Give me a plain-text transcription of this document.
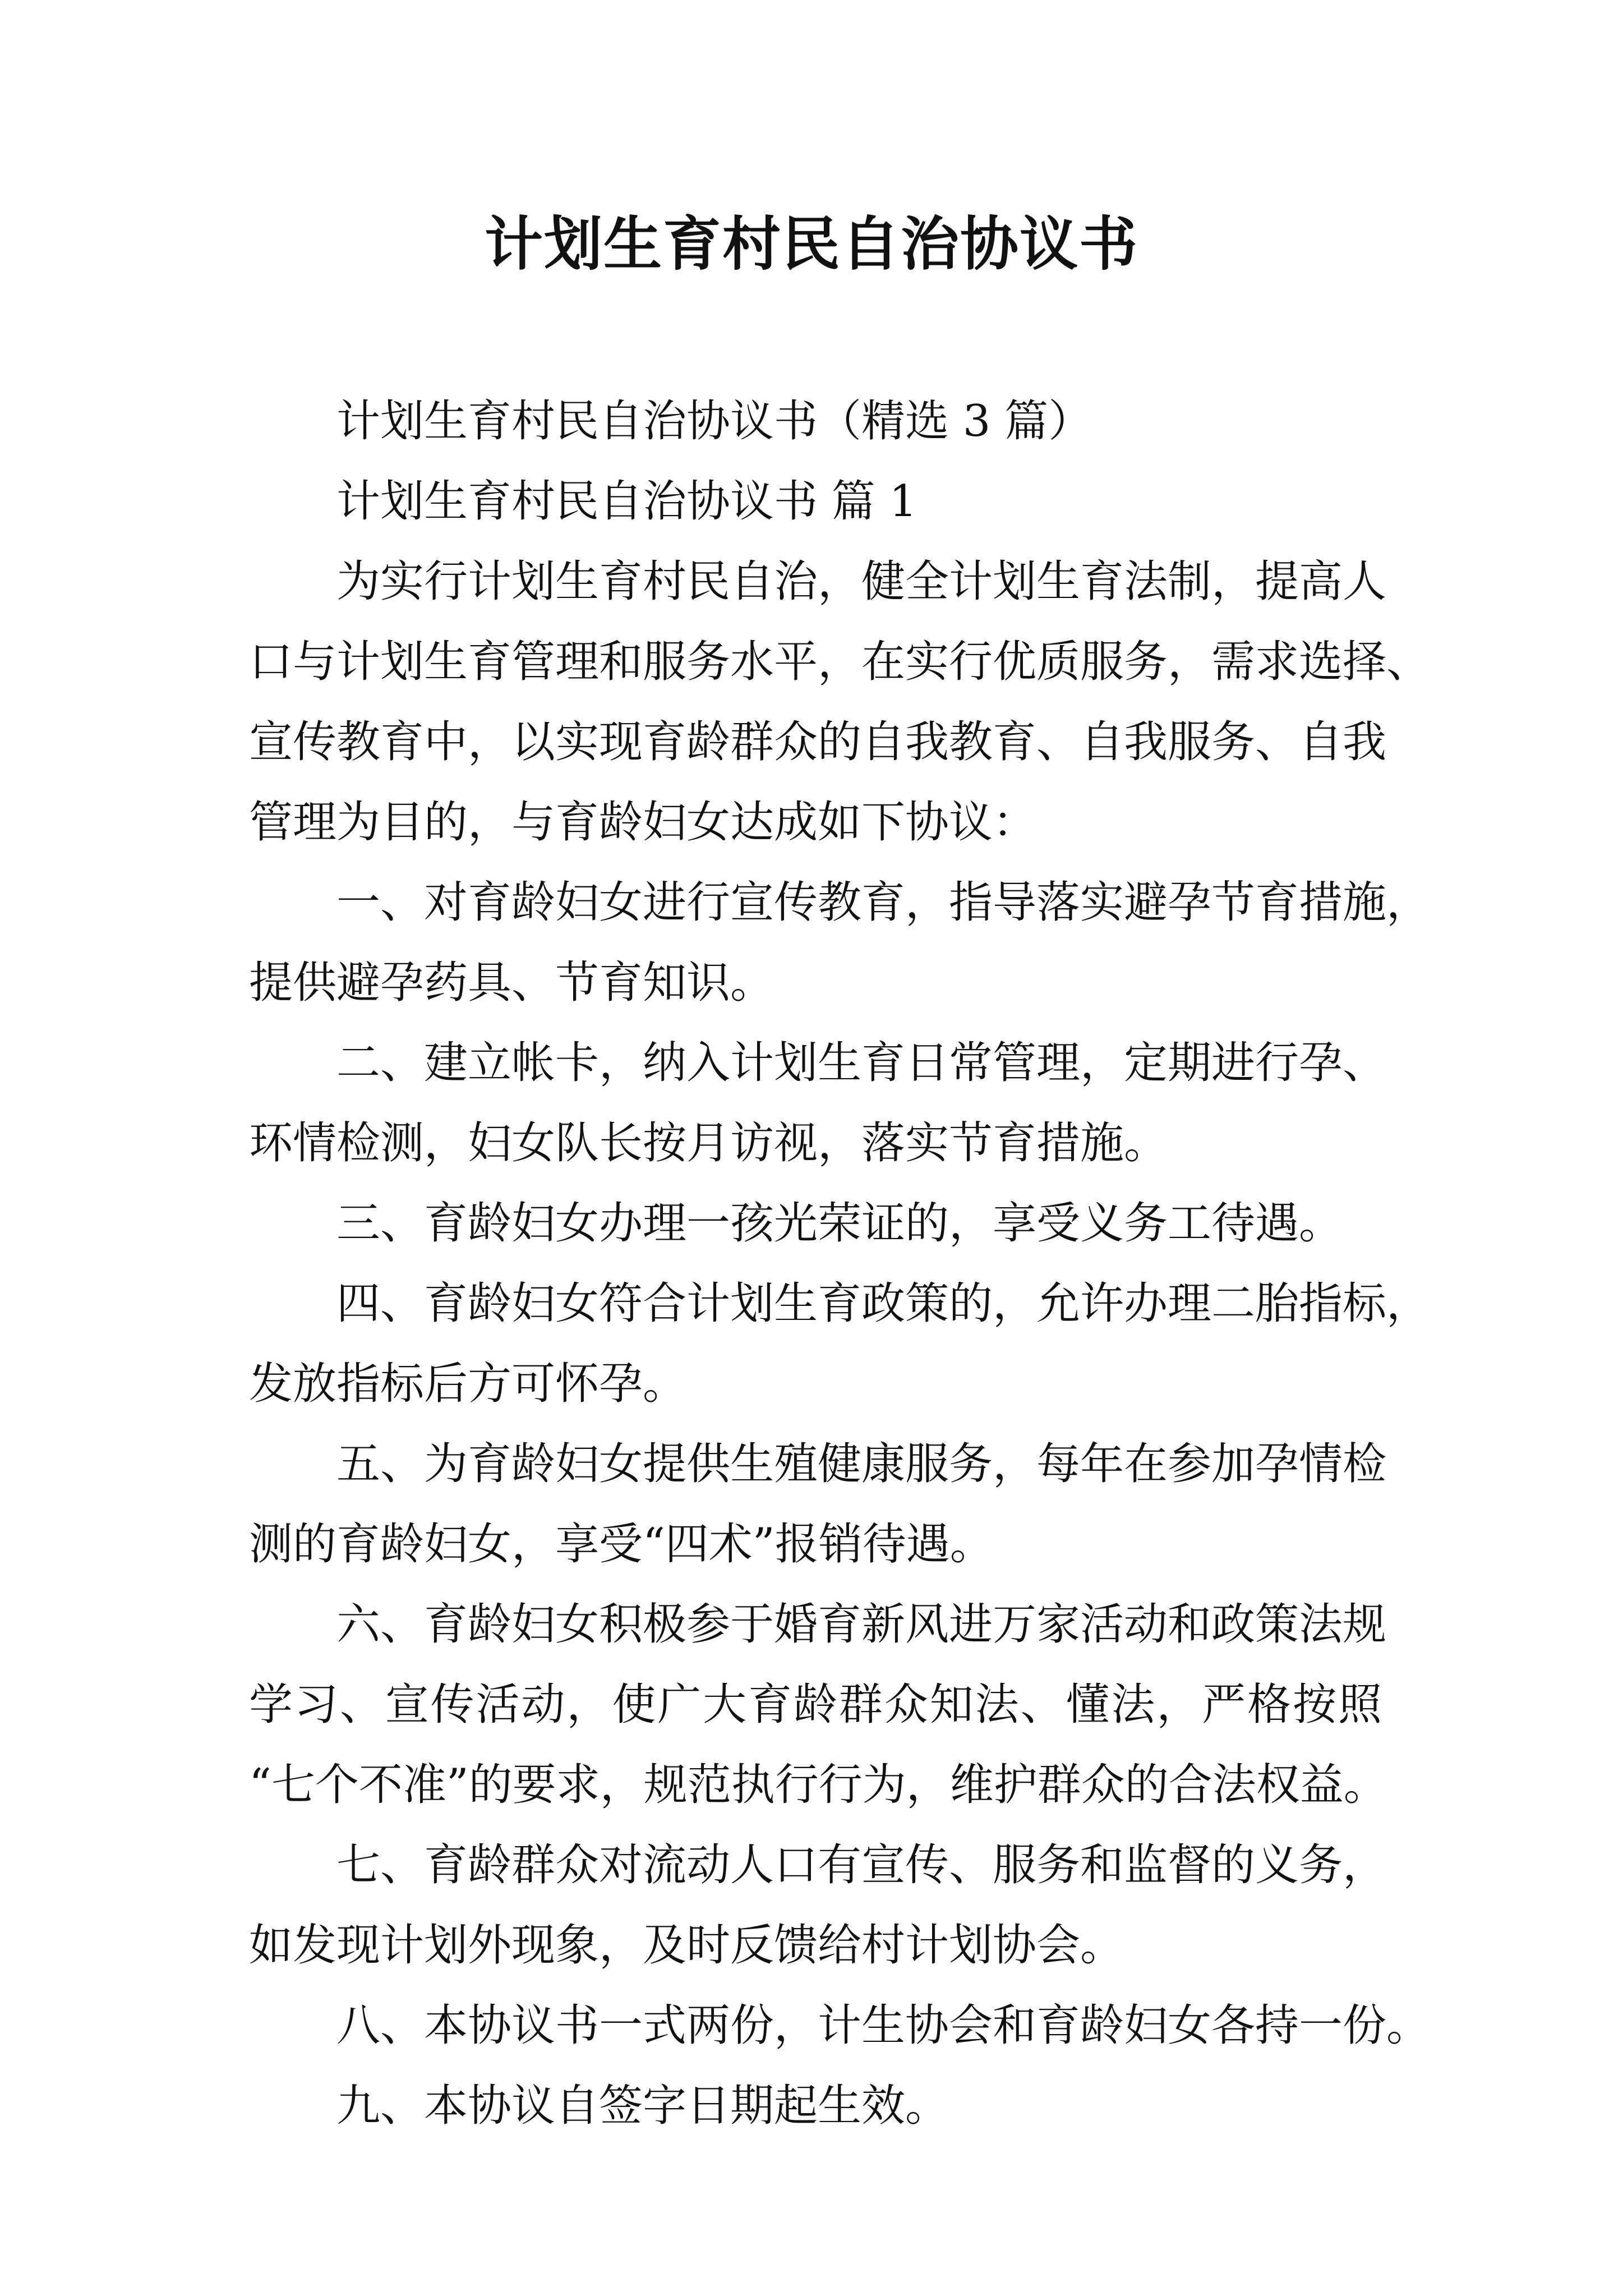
计划生育村民自治协议书
计划生育村民自治协议书（精选 3 篇）
计划生育村民自治协议书 篇 1
为实行计划生育村民自治，健全计划生育法制，提高人
口与计划生育管理和服务水平，在实行优质服务，需求选择、
宣传教育中，以实现育龄群众的自我教育、自我服务、自我
管理为目的，与育龄妇女达成如下协议：
一、对育龄妇女进行宣传教育，指导落实避孕节育措施，
提供避孕药具、节育知识。
二、建立帐卡，纳入计划生育日常管理，定期进行孕、
环情检测，妇女队长按月访视，落实节育措施。
三、育龄妇女办理一孩光荣证的，享受义务工待遇。
四、育龄妇女符合计划生育政策的，允许办理二胎指标，
发放指标后方可怀孕。
五、为育龄妇女提供生殖健康服务，每年在参加孕情检
测的育龄妇女，享受“四术”报销待遇。
六、育龄妇女积极参于婚育新风进万家活动和政策法规
学习、宣传活动，使广大育龄群众知法、懂法，严格按照
“七个不准”的要求，规范执行行为，维护群众的合法权益。
七、育龄群众对流动人口有宣传、服务和监督的义务，
如发现计划外现象，及时反馈给村计划协会。
八、本协议书一式两份，计生协会和育龄妇女各持一份。
九、本协议自签字日期起生效。
